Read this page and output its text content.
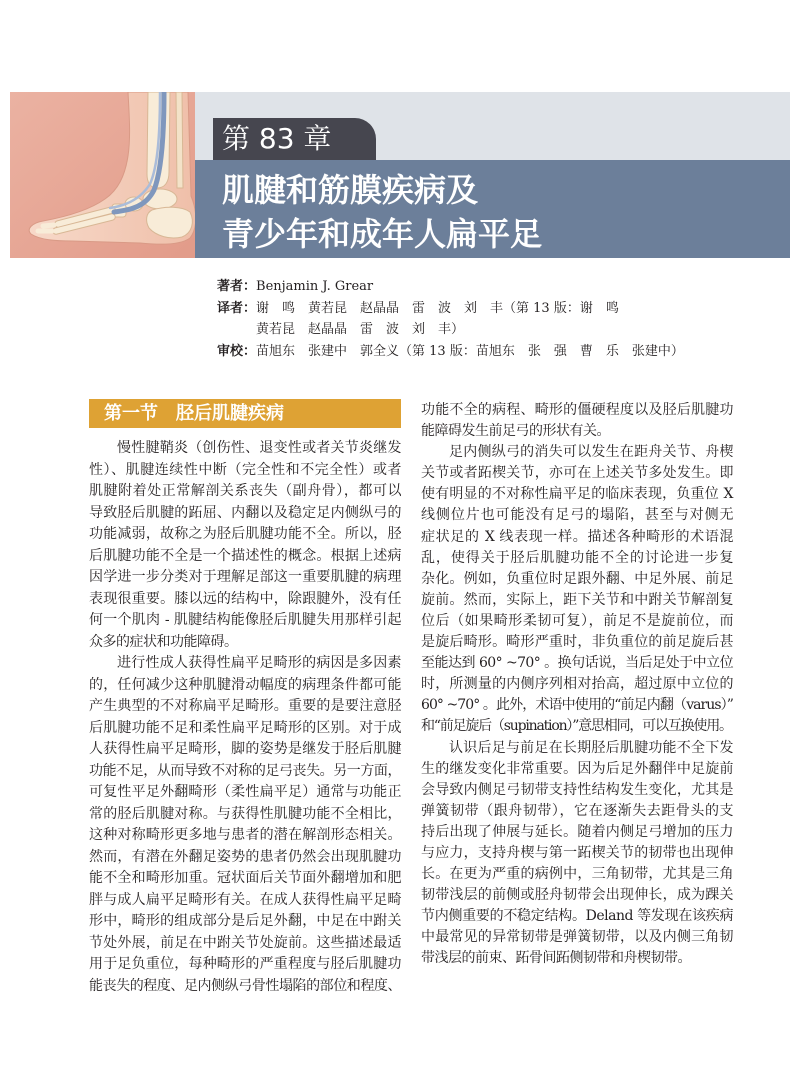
第 83 章
肌腱和筋膜疾病及
青少年和成年人扁平足
著者：Benjamin J. Grear
译者：谢　鸣　黄若昆　赵晶晶　雷　波　刘　丰（第 13 版：谢　鸣
黄若昆　赵晶晶　雷　波　刘　丰）
审校：苗旭东　张建中　郭全义（第 13 版：苗旭东　张　强　曹　乐　张建中）
第一节　胫后肌腱疾病
慢性腱鞘炎（创伤性、退变性或者关节炎继发
性）、肌腱连续性中断（完全性和不完全性）或者
肌腱附着处正常解剖关系丧失（副舟骨），都可以
导致胫后肌腱的跖屈、内翻以及稳定足内侧纵弓的
功能减弱，故称之为胫后肌腱功能不全。所以，胫
后肌腱功能不全是一个描述性的概念。根据上述病
因学进一步分类对于理解足部这一重要肌腱的病理
表现很重要。膝以远的结构中，除跟腱外，没有任
何一个肌肉 - 肌腱结构能像胫后肌腱失用那样引起
众多的症状和功能障碍。
进行性成人获得性扁平足畸形的病因是多因素
的，任何减少这种肌腱滑动幅度的病理条件都可能
产生典型的不对称扁平足畸形。重要的是要注意胫
后肌腱功能不足和柔性扁平足畸形的区别。对于成
人获得性扁平足畸形，脚的姿势是继发于胫后肌腱
功能不足，从而导致不对称的足弓丧失。另一方面，
可复性平足外翻畸形（柔性扁平足）通常与功能正
常的胫后肌腱对称。与获得性肌腱功能不全相比，
这种对称畸形更多地与患者的潜在解剖形态相关。
然而，有潜在外翻足姿势的患者仍然会出现肌腱功
能不全和畸形加重。冠状面后关节面外翻增加和肥
胖与成人扁平足畸形有关。在成人获得性扁平足畸
形中，畸形的组成部分是后足外翻，中足在中跗关
节处外展，前足在中跗关节处旋前。这些描述最适
用于足负重位，每种畸形的严重程度与胫后肌腱功
能丧失的程度、足内侧纵弓骨性塌陷的部位和程度、
功能不全的病程、畸形的僵硬程度以及胫后肌腱功
能障碍发生前足弓的形状有关。
足内侧纵弓的消失可以发生在距舟关节、舟楔
关节或者跖楔关节，亦可在上述关节多处发生。即
使有明显的不对称性扁平足的临床表现，负重位 X
线侧位片也可能没有足弓的塌陷，甚至与对侧无
症状足的 X 线表现一样。描述各种畸形的术语混
乱，使得关于胫后肌腱功能不全的讨论进一步复
杂化。例如，负重位时足跟外翻、中足外展、前足
旋前。然而，实际上，距下关节和中跗关节解剖复
位后（如果畸形柔韧可复），前足不是旋前位，而
是旋后畸形。畸形严重时，非负重位的前足旋后甚
至能达到 60° ~70° 。换句话说，当后足处于中立位
时，所测量的内侧序列相对抬高，超过原中立位的
60° ~70° 。此外，术语中使用的“前足内翻（varus）”
和“前足旋后（supination）”意思相同，可以互换使用。
认识后足与前足在长期胫后肌腱功能不全下发
生的继发变化非常重要。因为后足外翻伴中足旋前
会导致内侧足弓韧带支持性结构发生变化，尤其是
弹簧韧带（跟舟韧带），它在逐渐失去距骨头的支
持后出现了伸展与延长。随着内侧足弓增加的压力
与应力，支持舟楔与第一跖楔关节的韧带也出现伸
长。在更为严重的病例中，三角韧带，尤其是三角
韧带浅层的前侧或胫舟韧带会出现伸长，成为踝关
节内侧重要的不稳定结构。Deland 等发现在该疾病
中最常见的异常韧带是弹簧韧带，以及内侧三角韧
带浅层的前束、跖骨间跖侧韧带和舟楔韧带。
